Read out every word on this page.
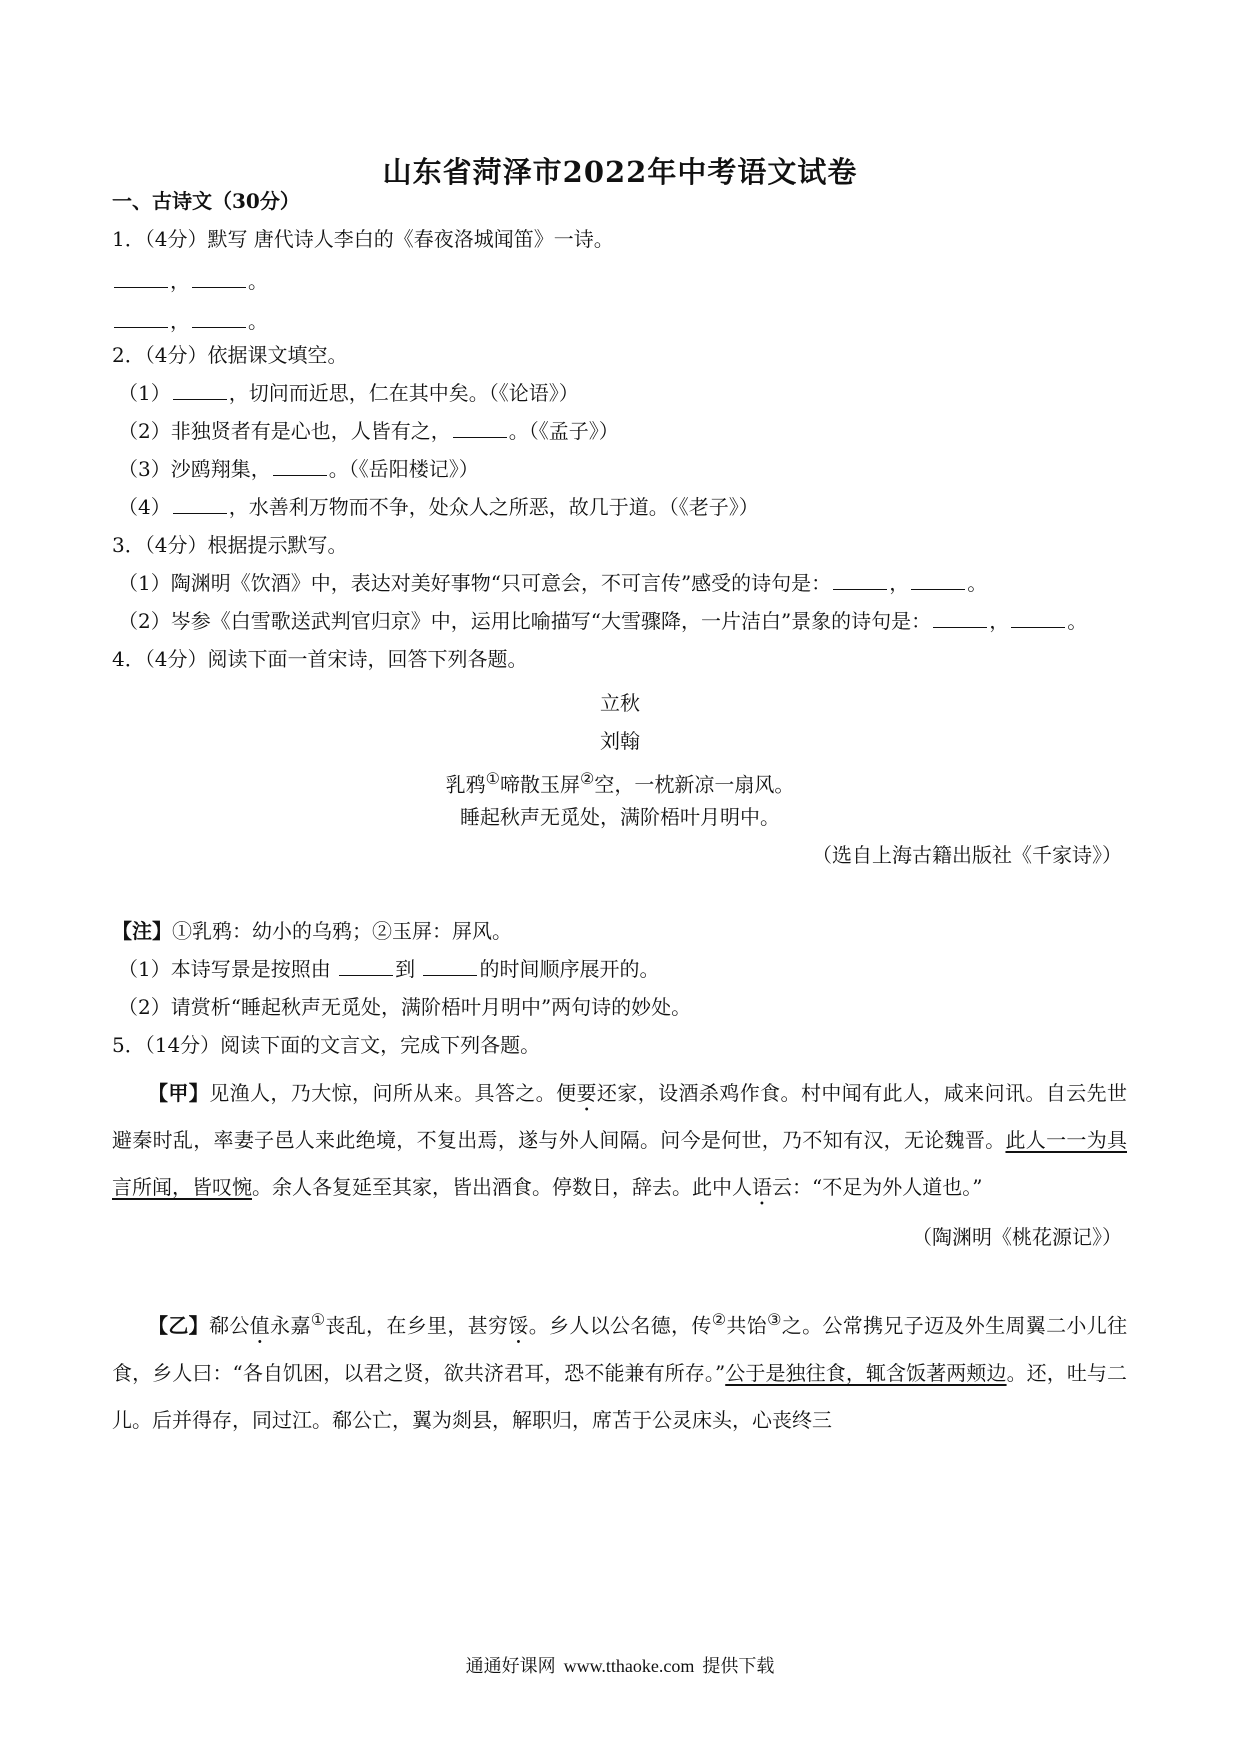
山东省菏泽市2022年中考语文试卷
一、古诗文（30分）
1．（4分）默写 唐代诗人李白的《春夜洛城闻笛》一诗。
，	。
，	。
2．（4分）依据课文填空。
（1）	，切问而近思，仁在其中矣。（《论语》）
（2）非独贤者有是心也，人皆有之，	。（《孟子》）
（3）沙鸥翔集，	。（《岳阳楼记》）
（4）	，水善利万物而不争，处众人之所恶，故几于道。（《老子》）
3．（4分）根据提示默写。
（1）陶渊明《饮酒》中，表达对美好事物“只可意会，不可言传”感受的诗句是：	，	。
（2）岑参《白雪歌送武判官归京》中，运用比喻描写“大雪骤降，一片洁白”景象的诗句是：	，	。
4．（4分）阅读下面一首宋诗，回答下列各题。
立秋
刘翰
乳鸦①啼散玉屏②空，一枕新凉一扇风。
睡起秋声无觅处，满阶梧叶月明中。
（选自上海古籍出版社《千家诗》）
【注】①乳鸦：幼小的乌鸦；②玉屏：屏风。
（1）本诗写景是按照由	到	的时间顺序展开的。
（2）请赏析“睡起秋声无觅处，满阶梧叶月明中”两句诗的妙处。
5．（14分）阅读下面的文言文，完成下列各题。
【甲】见渔人，乃大惊，问所从来。具答之。便要还家，设酒杀鸡作食。村中闻有此人，咸来问讯。自云先世避秦时乱，率妻子邑人来此绝境，不复出焉，遂与外人间隔。问今是何世，乃不知有汉，无论魏晋。此人一一为具言所闻，皆叹惋。余人各复延至其家，皆出酒食。停数日，辞去。此中人语云：“不足为外人道也。”
（陶渊明《桃花源记》）
【乙】郗公值永嘉①丧乱，在乡里，甚穷馁。乡人以公名德，传②共饴③之。公常携兄子迈及外生周翼二小儿往食，乡人曰：“各自饥困，以君之贤，欲共济君耳，恐不能兼有所存。”公于是独往食，辄含饭著两颊边。还，吐与二儿。后并得存，同过江。郗公亡，翼为剡县，解职归，席苫于公灵床头，心丧终三
通通好课网 www.tthaoke.com 提供下载
